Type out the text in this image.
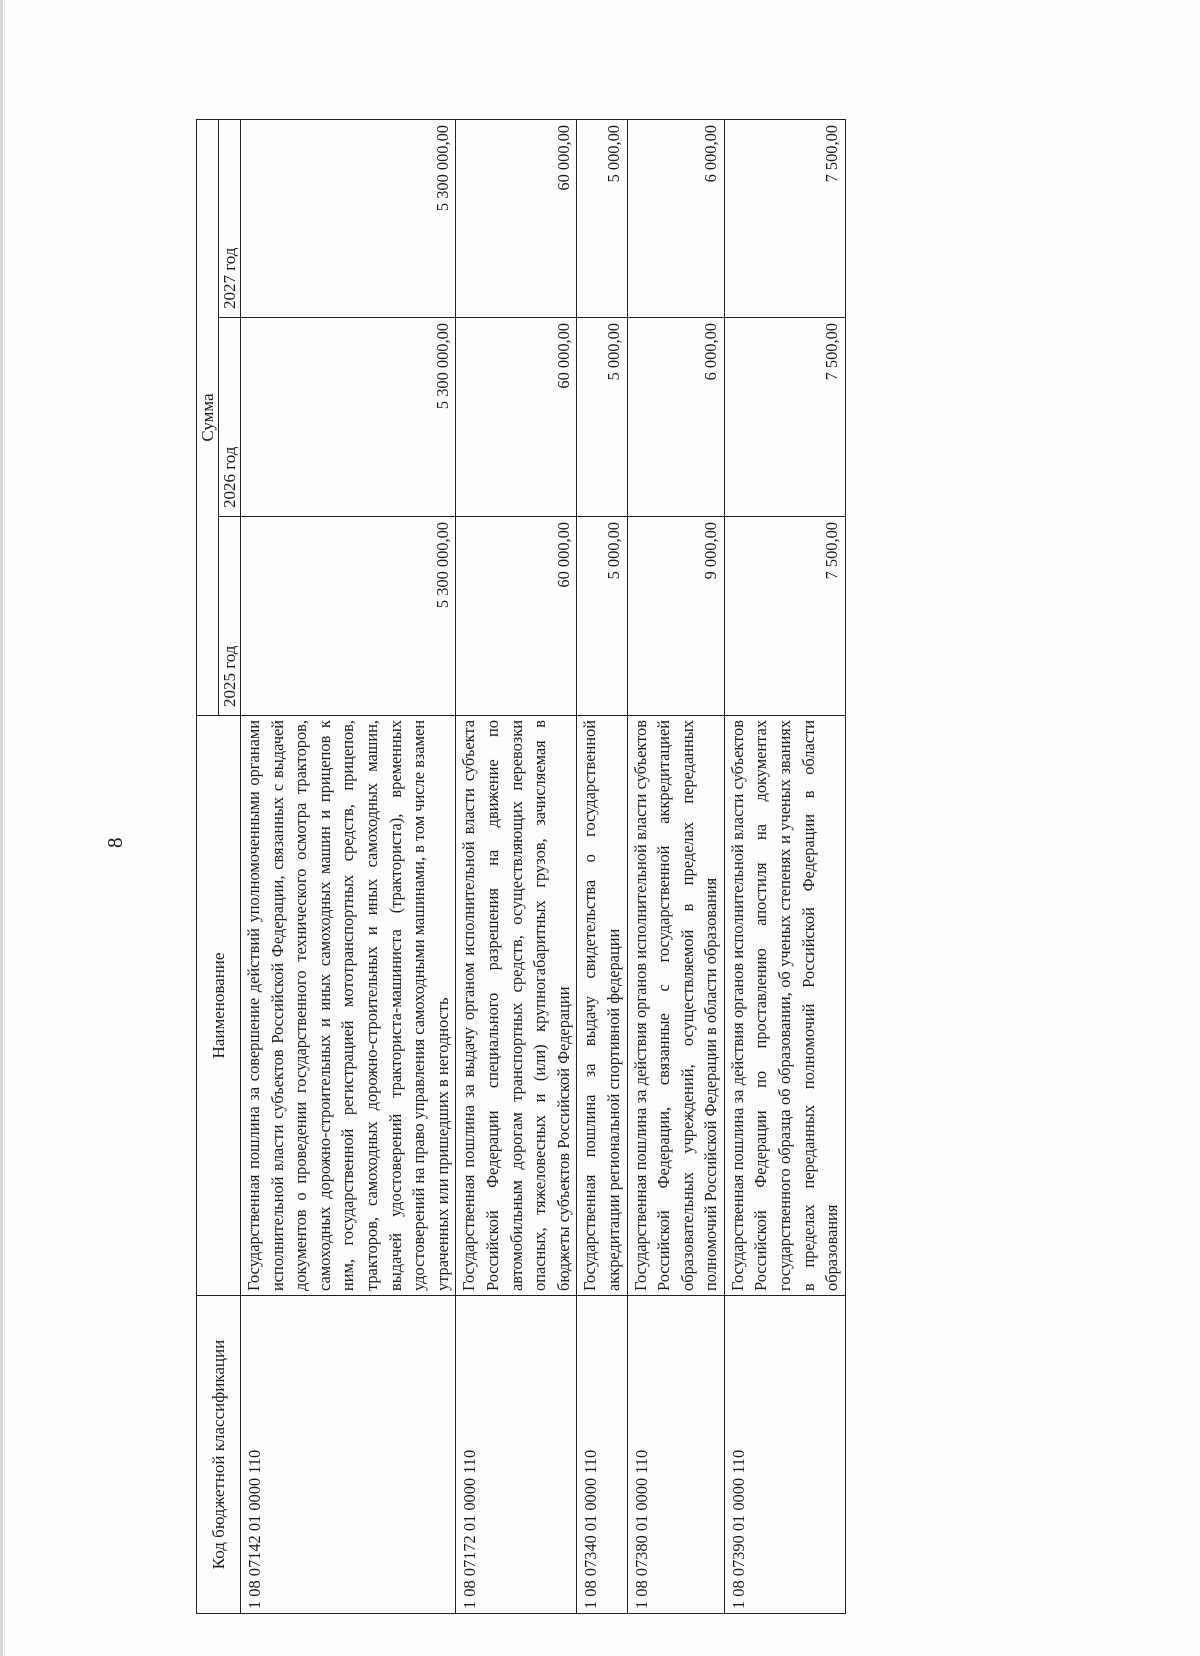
8
Код бюджетной классификации	Наименование	Сумма		
		2025 год	2026 год	2027 год
1 08 07142 01 0000 110	Государственная пошлина за совершение действий уполномоченными органами исполнительной власти субъектов Российской Федерации, связанных с выдачей документов о проведении государственного технического осмотра тракторов, самоходных дорожно-строительных и иных самоходных машин и прицепов к ним, государственной регистрацией мототранспортных средств, прицепов, тракторов, самоходных дорожно-строительных и иных самоходных машин, выдачей удостоверений тракториста-машиниста (тракториста), временных удостоверений на право управления самоходными машинами, в том числе взамен утраченных или пришедших в негодность	5 300 000,00	5 300 000,00	5 300 000,00
1 08 07172 01 0000 110	Государственная пошлина за выдачу органом исполнительной власти субъекта Российской Федерации специального разрешения на движение по автомобильным дорогам транспортных средств, осуществляющих перевозки опасных, тяжеловесных и (или) крупногабаритных грузов, зачисляемая в бюджеты субъектов Российской Федерации	60 000,00	60 000,00	60 000,00
1 08 07340 01 0000 110	Государственная пошлина за выдачу свидетельства о государственной аккредитации региональной спортивной федерации	5 000,00	5 000,00	5 000,00
1 08 07380 01 0000 110	Государственная пошлина за действия органов исполнительной власти субъектов Российской Федерации, связанные с государственной аккредитацией образовательных учреждений, осуществляемой в пределах переданных полномочий Российской Федерации в области образования	9 000,00	6 000,00	6 000,00
1 08 07390 01 0000 110	Государственная пошлина за действия органов исполнительной власти субъектов Российской Федерации по проставлению апостиля на документах государственного образца об образовании, об ученых степенях и ученых званиях в пределах переданных полномочий Российской Федерации в области образования	7 500,00	7 500,00	7 500,00
